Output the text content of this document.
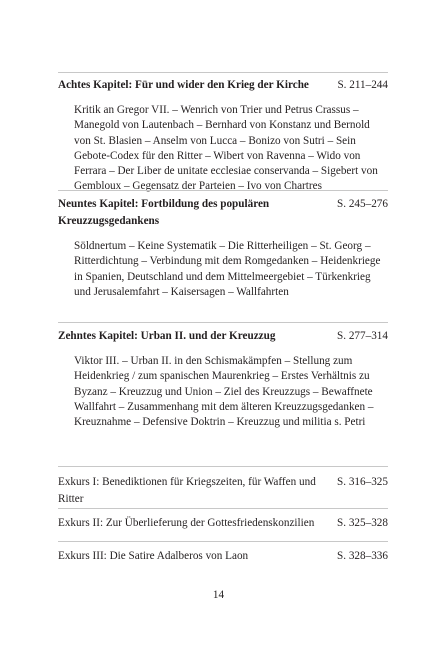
Achtes Kapitel: Für und wider den Krieg der Kirche	S. 211–244
Kritik an Gregor VII. – Wenrich von Trier und Petrus Crassus – Manegold von Lautenbach – Bernhard von Konstanz und Bernold von St. Blasien – Anselm von Lucca – Bonizo von Sutri – Sein Gebote-Codex für den Ritter – Wibert von Ravenna – Wido von Ferrara – Der Liber de unitate ecclesiae conservanda – Sigebert von Gembloux – Gegensatz der Parteien – Ivo von Chartres
Neuntes Kapitel: Fortbildung des populären Kreuzzugsgedankens
S. 245–276
Söldnertum – Keine Systematik – Die Ritterheiligen – St. Georg – Ritterdichtung – Verbindung mit dem Romgedanken – Heidenkriege in Spanien, Deutschland und dem Mittelmeergebiet – Türkenkrieg und Jerusalemfahrt – Kaisersagen – Wallfahrten
Zehntes Kapitel: Urban II. und der Kreuzzug	S. 277–314
Viktor III. – Urban II. in den Schismakämpfen – Stellung zum Heidenkrieg / zum spanischen Maurenkrieg – Erstes Verhältnis zu Byzanz – Kreuzzug und Union – Ziel des Kreuzzugs – Bewaffnete Wallfahrt – Zusammenhang mit dem älteren Kreuzzugsgedanken – Kreuznahme – Defensive Doktrin – Kreuzzug und militia s. Petri
Exkurs I: Benediktionen für Kriegszeiten, für Waffen und Ritter
S. 316–325
Exkurs II: Zur Überlieferung der Gottesfriedenskonzilien	S. 325–328
Exkurs III: Die Satire Adalberos von Laon	S. 328–336
14
